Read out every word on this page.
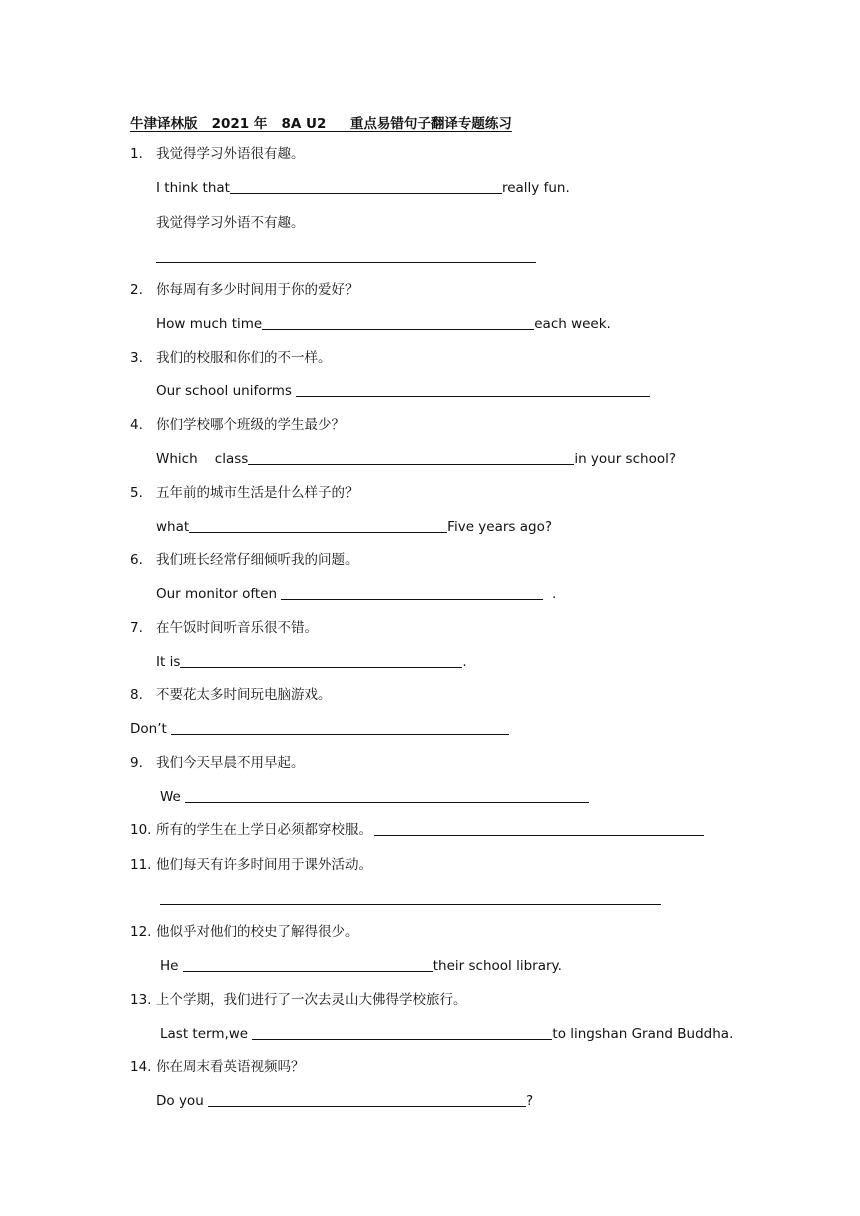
牛津译林版   2021 年   8A U2     重点易错句子翻译专题练习
1. 我觉得学习外语很有趣。
I think that	really fun.
我觉得学习外语不有趣。
2. 你每周有多少时间用于你的爱好？
How much time	each week.
3. 我们的校服和你们的不一样。
Our school uniforms
4. 你们学校哪个班级的学生最少？
Which    class	in your school?
5. 五年前的城市生活是什么样子的？
what	Five years ago?
6. 我们班长经常仔细倾听我的问题。
Our monitor often	.
7. 在午饭时间听音乐很不错。
It is	.
8. 不要花太多时间玩电脑游戏。
Don’t
9. 我们今天早晨不用早起。
We
10. 所有的学生在上学日必须都穿校服。
11. 他们每天有许多时间用于课外活动。
12. 他似乎对他们的校史了解得很少。
He	their school library.
13. 上个学期，我们进行了一次去灵山大佛得学校旅行。
Last term,we	to lingshan Grand Buddha.
14. 你在周末看英语视频吗？
Do you	?
